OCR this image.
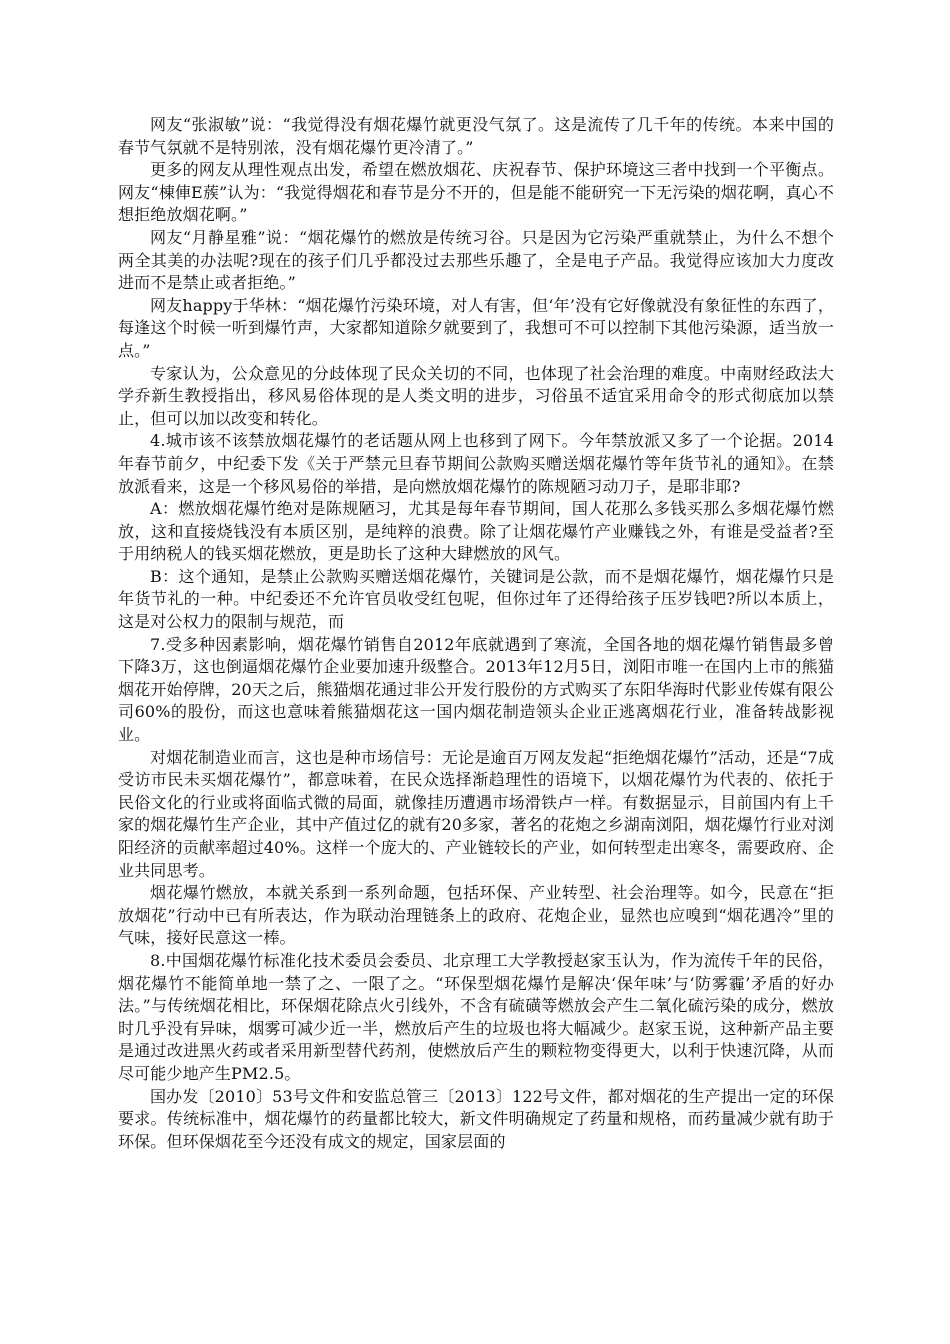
网友“张淑敏”说：“我觉得没有烟花爆竹就更没气氛了。这是流传了几千年的传统。本来中国的春节气氛就不是特别浓，没有烟花爆竹更冷清了。”

更多的网友从理性观点出发，希望在燃放烟花、庆祝春节、保护环境这三者中找到一个平衡点。网友“棟俥Ε蔟”认为：“我觉得烟花和春节是分不开的，但是能不能研究一下无污染的烟花啊，真心不想拒绝放烟花啊。”

网友“月静星雅”说：“烟花爆竹的燃放是传统习谷。只是因为它污染严重就禁止，为什么不想个两全其美的办法呢?现在的孩子们几乎都没过去那些乐趣了，全是电子产品。我觉得应该加大力度改进而不是禁止或者拒绝。”

网友happy于华林：“烟花爆竹污染环境，对人有害，但‘年’没有它好像就没有象征性的东西了，每逢这个时候一听到爆竹声，大家都知道除夕就要到了，我想可不可以控制下其他污染源，适当放一点。”

专家认为，公众意见的分歧体现了民众关切的不同，也体现了社会治理的难度。中南财经政法大学乔新生教授指出，移风易俗体现的是人类文明的进步，习俗虽不适宜采用命令的形式彻底加以禁止，但可以加以改变和转化。

4.城市该不该禁放烟花爆竹的老话题从网上也移到了网下。今年禁放派又多了一个论据。2014年春节前夕，中纪委下发《关于严禁元旦春节期间公款购买赠送烟花爆竹等年货节礼的通知》。在禁放派看来，这是一个移风易俗的举措，是向燃放烟花爆竹的陈规陋习动刀子，是耶非耶?

A：燃放烟花爆竹绝对是陈规陋习，尤其是每年春节期间，国人花那么多钱买那么多烟花爆竹燃放，这和直接烧钱没有本质区别，是纯粹的浪费。除了让烟花爆竹产业赚钱之外，有谁是受益者?至于用纳税人的钱买烟花燃放，更是助长了这种大肆燃放的风气。

B：这个通知，是禁止公款购买赠送烟花爆竹，关键词是公款，而不是烟花爆竹，烟花爆竹只是年货节礼的一种。中纪委还不允许官员收受红包呢，但你过年了还得给孩子压岁钱吧?所以本质上，这是对公权力的限制与规范，而

7.受多种因素影响，烟花爆竹销售自2012年底就遇到了寒流，全国各地的烟花爆竹销售最多曾下降3万，这也倒逼烟花爆竹企业要加速升级整合。2013年12月5日，浏阳市唯一在国内上市的熊猫烟花开始停牌，20天之后，熊猫烟花通过非公开发行股份的方式购买了东阳华海时代影业传媒有限公司60%的股份，而这也意味着熊猫烟花这一国内烟花制造领头企业正逃离烟花行业，准备转战影视业。

对烟花制造业而言，这也是种市场信号：无论是逾百万网友发起“拒绝烟花爆竹”活动，还是“7成受访市民未买烟花爆竹”，都意味着，在民众选择渐趋理性的语境下，以烟花爆竹为代表的、依托于民俗文化的行业或将面临式微的局面，就像挂历遭遇市场滑铁卢一样。有数据显示，目前国内有上千家的烟花爆竹生产企业，其中产值过亿的就有20多家，著名的花炮之乡湖南浏阳，烟花爆竹行业对浏阳经济的贡献率超过40%。这样一个庞大的、产业链较长的产业，如何转型走出寒冬，需要政府、企业共同思考。

烟花爆竹燃放，本就关系到一系列命题，包括环保、产业转型、社会治理等。如今，民意在“拒放烟花”行动中已有所表达，作为联动治理链条上的政府、花炮企业，显然也应嗅到“烟花遇冷”里的气味，接好民意这一棒。

8.中国烟花爆竹标准化技术委员会委员、北京理工大学教授赵家玉认为，作为流传千年的民俗，烟花爆竹不能简单地一禁了之、一限了之。“环保型烟花爆竹是解决‘保年味’与‘防雾霾’矛盾的好办法。”与传统烟花相比，环保烟花除点火引线外，不含有硫磺等燃放会产生二氧化硫污染的成分，燃放时几乎没有异味，烟雾可减少近一半，燃放后产生的垃圾也将大幅减少。赵家玉说，这种新产品主要是通过改进黑火药或者采用新型替代药剂，使燃放后产生的颗粒物变得更大，以利于快速沉降，从而尽可能少地产生PM2.5。

国办发〔2010〕53号文件和安监总管三〔2013〕122号文件，都对烟花的生产提出一定的环保要求。传统标准中，烟花爆竹的药量都比较大，新文件明确规定了药量和规格，而药量减少就有助于环保。但环保烟花至今还没有成文的规定，国家层面的
